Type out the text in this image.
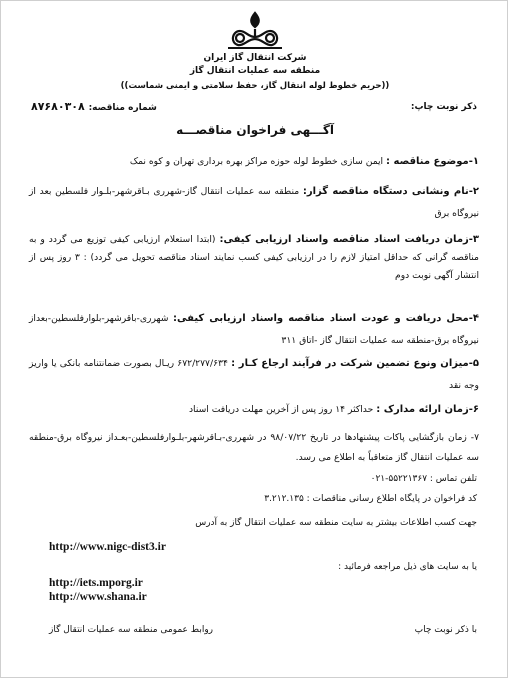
شرکت انتقال گاز ایران
منطقه سه عملیات انتقال گاز
((حریم خطوط لوله انتقال گاز، حفظ سلامتی و ایمنی شماست))
ذکر نوبت چاپ:
شماره مناقصه: ۸۷۶۸۰۳۰۸
آگـــهی فراخوان مناقصـــه
۱-موضوع مناقصه : ایمن سازی خطوط لوله حوزه مراکز بهره برداری تهران و کوه نمک
۲-نام ونشانی دستگاه مناقصه گزار: منطقه سه عملیات انتقال گاز-شهرری بـاقرشهر-بلـوار فلسطین بعد از نیروگاه برق
۳-زمان دریافت اسناد مناقصه واسناد ارزیابی کیفی: (ابتدا استعلام ارزیابی کیفی توزیع می گردد و به مناقصه گرانی که حداقل امتیاز لازم را در ارزیابی کیفی کسب نمایند اسناد مناقصه تحویل می گردد) : ۳ روز پس از انتشار آگهی نوبت دوم
۴-محل دریافت و عودت اسناد مناقصه واسناد ارزیابی کیفی: شهرری-باقرشهر-بلوارفلسطین-بعداز نیروگاه برق-منطقه سه عملیات انتقال گاز -اتاق ۳۱۱
۵-میزان ونوع تضمین شرکت در فرآیند ارجاع کـار : ۶۷۲/۲۷۷/۶۳۴ ریـال بصورت ضمانتنامه بانکی یا واریز وجه نقد
۶-زمان ارائه مدارک : حداکثر ۱۴ روز پس از آخرین مهلت دریافت اسناد
۷- زمان بازگشایی پاکات پیشنهادها در تاریخ ۹۸/۰۷/۲۲ در شهرری-بـاقرشهر-بلـوارفلسطین-بعـداز نیروگاه برق-منطقه سه عملیات انتقال گاز متعاقباً به اطلاع می رسد.
تلفن تماس : ۵۵۲۲۱۳۶۷-۰۲۱
کد فراخوان در پایگاه اطلاع رسانی مناقصات : ۳.۲۱۲.۱۳۵
جهت کسب اطلاعات بیشتر به سایت منطقه سه عملیات انتقال گاز به آدرس
http://www.nigc-dist3.ir
یا به سایت های ذیل مراجعه فرمائید :
http://iets.mporg.ir
http://www.shana.ir
با ذکر نوبت چاپ
روابط عمومی منطقه سه عملیات انتقال گاز
